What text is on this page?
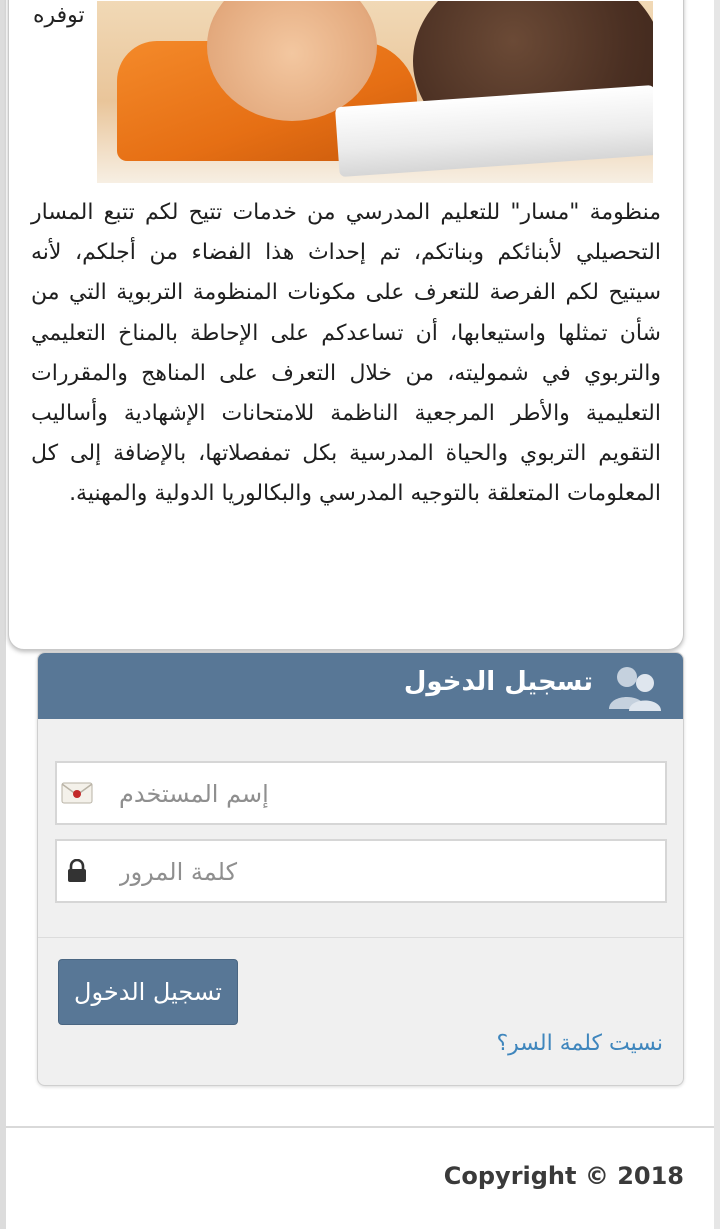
توفره

منظومة "مسار" للتعليم المدرسي من خدمات تتيح لكم تتبع المسار التحصيلي لأبنائكم وبناتكم، تم إحداث هذا الفضاء من أجلكم، لأنه سيتيح لكم الفرصة للتعرف على مكونات المنظومة التربوية التي من شأن تمثلها واستيعابها، أن تساعدكم على الإحاطة بالمناخ التعليمي والتربوي في شموليته، من خلال التعرف على المناهج والمقررات التعليمية والأطر المرجعية الناظمة للامتحانات الإشهادية وأساليب التقويم التربوي والحياة المدرسية بكل تمفصلاتها، بالإضافة إلى كل المعلومات المتعلقة بالتوجيه المدرسي والبكالوريا الدولية والمهنية.

تسجيل الدخول
إسم المستخدم
تسجيل الدخول
نسيت كلمة السر؟
Copyright © 2018
